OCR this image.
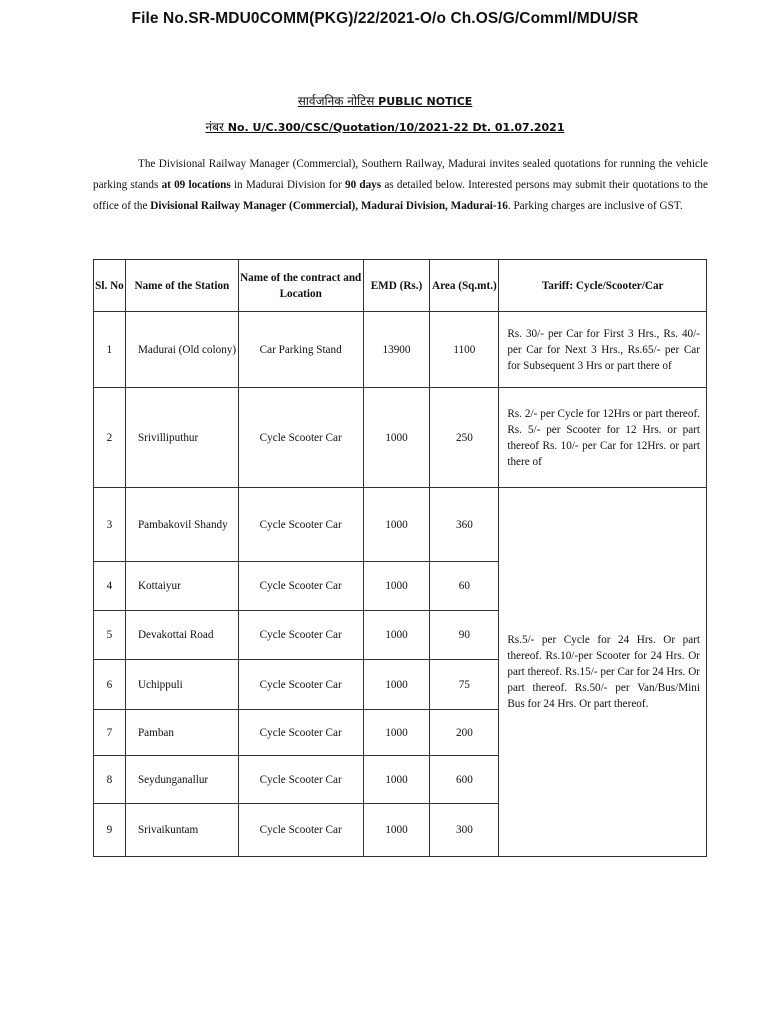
File No.SR-MDU0COMM(PKG)/22/2021-O/o Ch.OS/G/Comml/MDU/SR
सार्वजनिक नोटिस PUBLIC NOTICE
नंबर No. U/C.300/CSC/Quotation/10/2021-22 Dt. 01.07.2021
The Divisional Railway Manager (Commercial), Southern Railway, Madurai invites sealed quotations for running the vehicle parking stands at 09 locations in Madurai Division for 90 days as detailed below. Interested persons may submit their quotations to the office of the Divisional Railway Manager (Commercial), Madurai Division, Madurai-16. Parking charges are inclusive of GST.
Sl. No	Name of the Station	Name of the contract and Location	EMD (Rs.)	Area (Sq.mt.)	Tariff: Cycle/Scooter/Car
1	Madurai (Old colony)	Car Parking Stand	13900	1100	Rs. 30/- per Car for First 3 Hrs., Rs. 40/- per Car for Next 3 Hrs., Rs.65/- per Car for Subsequent 3 Hrs or part there of
2	Srivilliputhur	Cycle Scooter Car	1000	250	Rs. 2/- per Cycle for 12Hrs or part thereof. Rs. 5/- per Scooter for 12 Hrs. or part thereof Rs. 10/- per Car for 12Hrs. or part there of
3	Pambakovil Shandy	Cycle Scooter Car	1000	360	Rs.5/- per Cycle for 24 Hrs. Or part thereof. Rs.10/-per Scooter for 24 Hrs. Or part thereof. Rs.15/- per Car for 24 Hrs. Or part thereof. Rs.50/- per Van/Bus/Mini Bus for 24 Hrs. Or part thereof.
4	Kottaiyur	Cycle Scooter Car	1000	60	
5	Devakottai Road	Cycle Scooter Car	1000	90	
6	Uchippuli	Cycle Scooter Car	1000	75	
7	Pamban	Cycle Scooter Car	1000	200	
8	Seydunganallur	Cycle Scooter Car	1000	600	
9	Srivaikuntam	Cycle Scooter Car	1000	300	
